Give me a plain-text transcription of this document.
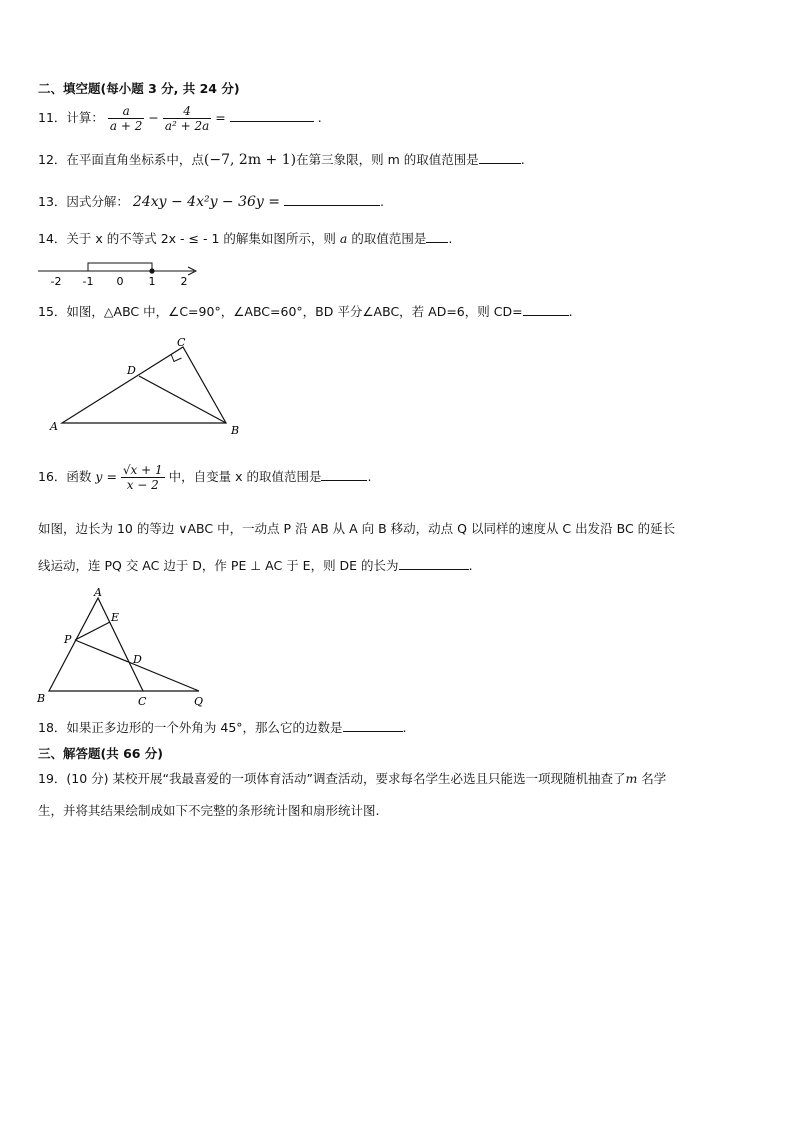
二、填空题(每小题 3 分, 共 24 分)
11．计算： $\frac{a}{a + 2} - \frac{4}{\text{a² + 2a}}$ =	.
12．在平面直角坐标系中，点(−7, 2m + 1)在第三象限，则 m 的取值范围是	.
13．因式分解： 24xy − 4x²y − 36y =	.
14．关于 x 的不等式 2x - ≤ - 1 的解集如图所示，则 a 的取值范围是 .
-2 -1 0 1 2
15．如图，△ABC 中，∠C=90°，∠ABC=60°，BD 平分∠ABC，若 AD=6，则 CD=	.
A	B
C
D
16．函数 $y = \frac{√x + 1}{x - 2}$ 中，自变量 x 的取值范围是	.
如图，边长为 10 的等边 ∨ABC 中，一动点 P 沿 AB 从 A 向 B 移动，动点 Q 以同样的速度从 C 出发沿 BC 的延长
线运动，连 PQ 交 AC 边于 D，作 PE ⊥ AC 于 E，则 DE 的长为	.
A
B	C
D
E
P
Q
18．如果正多边形的一个外角为 45°，那么它的边数是	.
三、解答题(共 66 分)
19．(10 分) 某校开展“我最喜爱的一项体育活动”调查活动，要求每名学生必选且只能选一项现随机抽查了m 名学
生，并将其结果绘制成如下不完整的条形统计图和扇形统计图.
